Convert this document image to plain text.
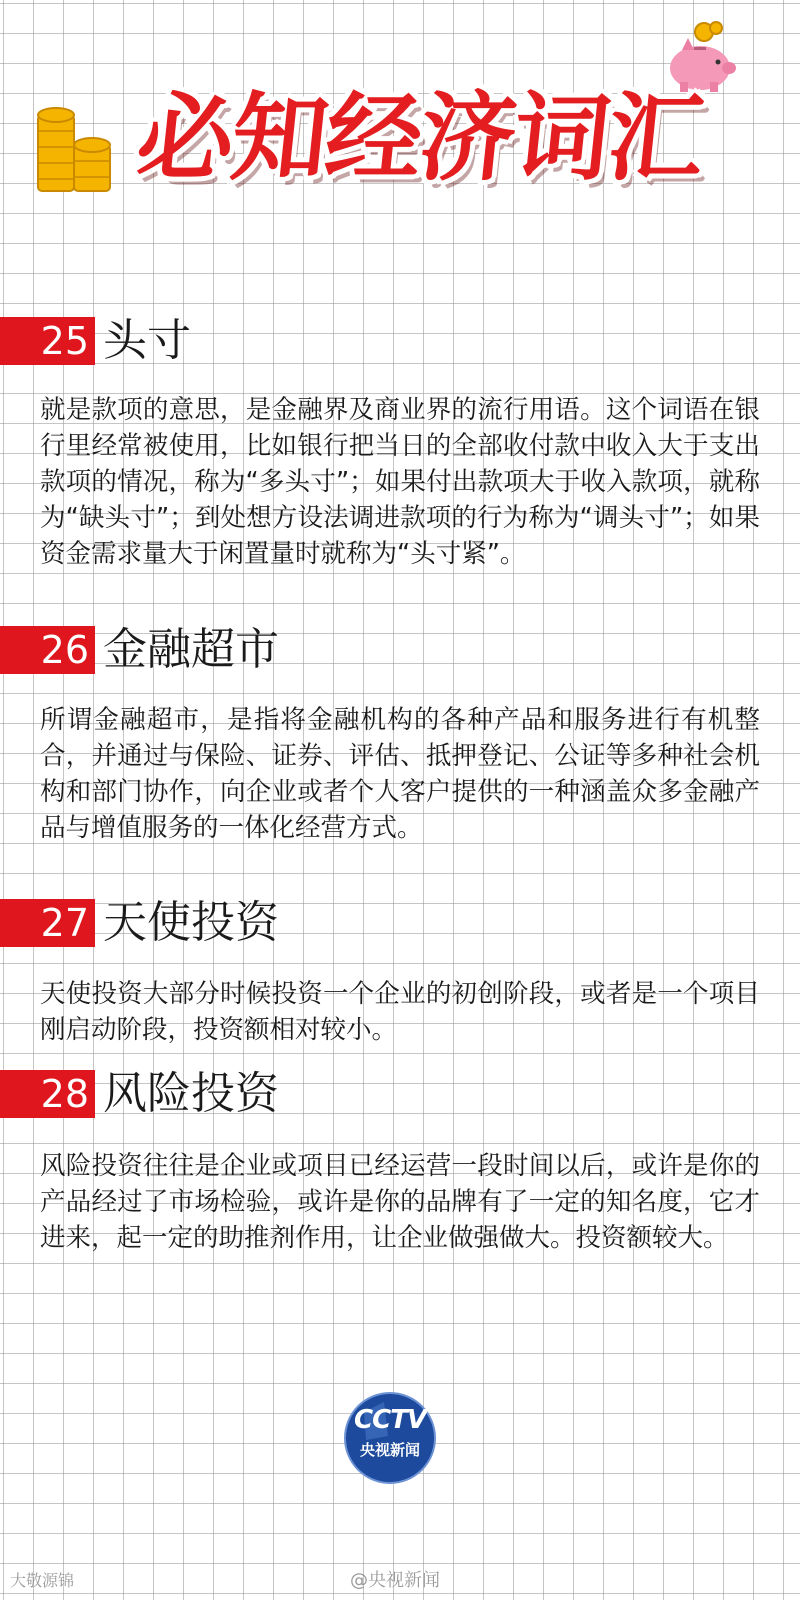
必知经济词汇
25 头寸

就是款项的意思，是金融界及商业界的流行用语。这个词语在银行里经常被使用，比如银行把当日的全部收付款中收入大于支出款项的情况，称为“多头寸”；如果付出款项大于收入款项，就称为“缺头寸”；到处想方设法调进款项的行为称为“调头寸”；如果资金需求量大于闲置量时就称为“头寸紧”。

26 金融超市

所谓金融超市，是指将金融机构的各种产品和服务进行有机整合，并通过与保险、证券、评估、抵押登记、公证等多种社会机构和部门协作，向企业或者个人客户提供的一种涵盖众多金融产品与增值服务的一体化经营方式。

27 天使投资

天使投资大部分时候投资一个企业的初创阶段，或者是一个项目刚启动阶段，投资额相对较小。

28 风险投资

风险投资往往是企业或项目已经运营一段时间以后，或许是你的产品经过了市场检验，或许是你的品牌有了一定的知名度，它才进来，起一定的助推剂作用，让企业做强做大。投资额较大。

CCTV
央视新闻
大敬源锦	@央视新闻
